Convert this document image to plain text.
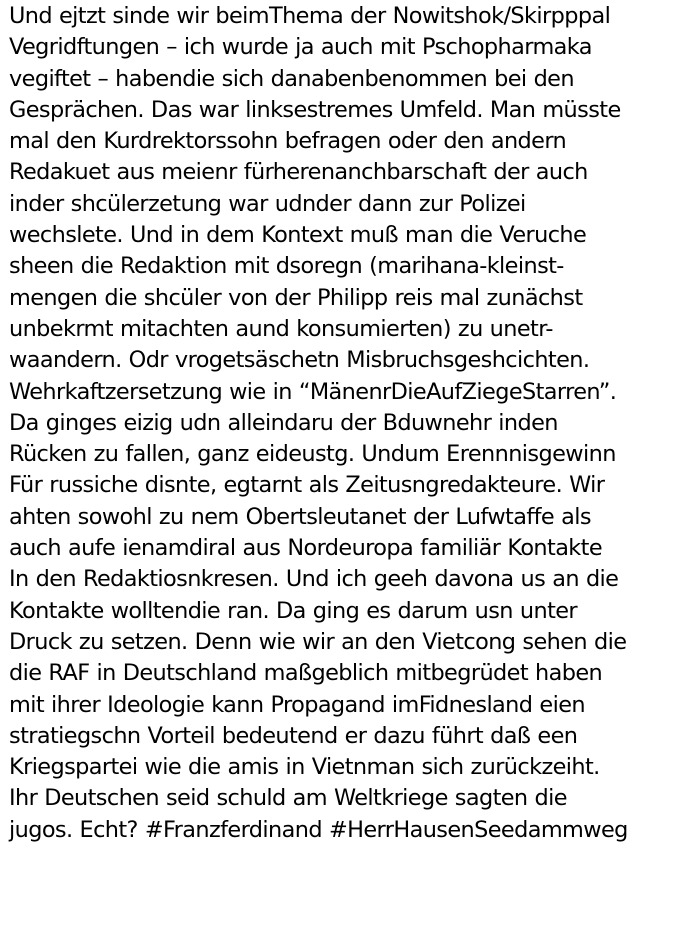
Und ejtzt sinde wir beimThema der Nowitshok/Skirpppal
Vegridftungen – ich wurde ja auch mit Pschopharmaka
vegiftet – habendie sich danabenbenommen bei den
Gesprächen. Das war linksestremes Umfeld. Man müsste
mal den Kurdrektorssohn befragen oder den andern
Redakuet aus meienr fürherenanchbarschaft der auch
inder shcülerzetung war udnder dann zur Polizei
wechslete. Und in dem Kontext muß man die Veruche
sheen die Redaktion mit dsoregn (marihana-kleinst-
mengen die shcüler von der Philipp reis mal zunächst
unbekrmt mitachten aund konsumierten) zu unetr-
waandern. Odr vrogetsäschetn Misbruchsgeshcichten.
Wehrkaftzersetzung wie in “MänenrDieAufZiegeStarren”.
Da ginges eizig udn alleindaru der Bduwnehr inden
Rücken zu fallen, ganz eideustg. Undum Erennnisgewinn
Für russiche disnte, egtarnt als Zeitusngredakteure. Wir
ahten sowohl zu nem Obertsleutanet der Lufwtaffe als
auch aufe ienamdiral aus Nordeuropa familiär Kontakte
In den Redaktiosnkresen. Und ich geeh davona us an die
Kontakte wolltendie ran. Da ging es darum usn unter
Druck zu setzen. Denn wie wir an den Vietcong sehen die
die RAF in Deutschland maßgeblich mitbegrüdet haben
mit ihrer Ideologie kann Propagand imFidnesland eien
stratiegschn Vorteil bedeutend er dazu führt daß een
Kriegspartei wie die amis in Vietnman sich zurückzeiht.
Ihr Deutschen seid schuld am Weltkriege sagten die
jugos. Echt? #Franzferdinand #HerrHausenSeedammweg
